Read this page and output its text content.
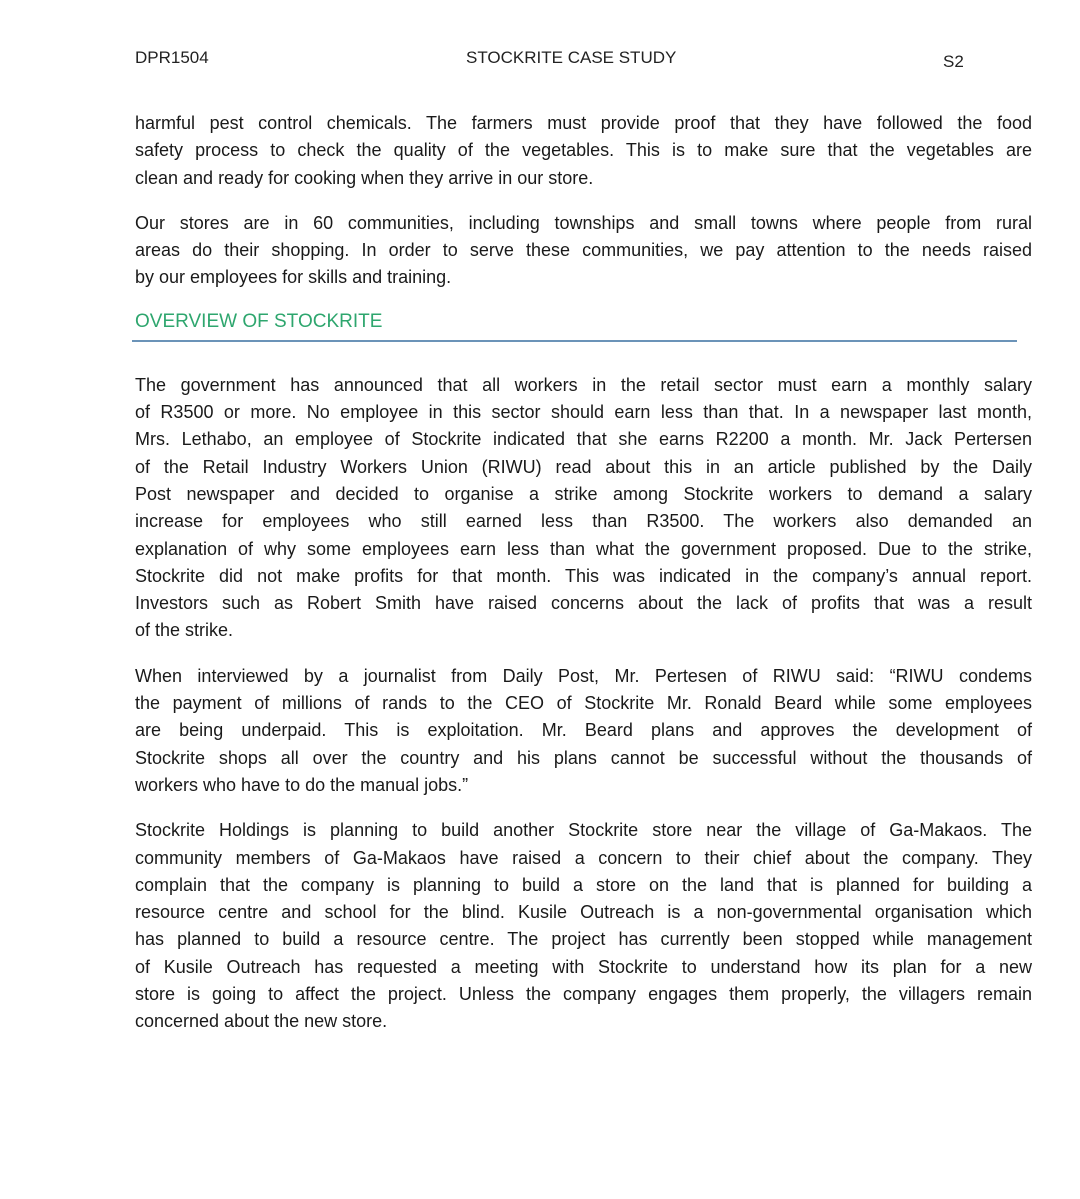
DPR1504	STOCKRITE CASE STUDY	S2
harmful pest control chemicals. The farmers must provide proof that they have followed the food
safety process to check the quality of the vegetables. This is to make sure that the vegetables are
clean and ready for cooking when they arrive in our store.
Our stores are in 60 communities, including townships and small towns where people from rural
areas do their shopping. In order to serve these communities, we pay attention to the needs raised
by our employees for skills and training.
OVERVIEW OF STOCKRITE
The government has announced that all workers in the retail sector must earn a monthly salary
of R3500 or more. No employee in this sector should earn less than that. In a newspaper last month,
Mrs. Lethabo, an employee of Stockrite indicated that she earns R2200 a month. Mr. Jack Pertersen
of the Retail Industry Workers Union (RIWU) read about this in an article published by the Daily
Post newspaper and decided to organise a strike among Stockrite workers to demand a salary
increase for employees who still earned less than R3500. The workers also demanded an
explanation of why some employees earn less than what the government proposed. Due to the strike,
Stockrite did not make profits for that month. This was indicated in the company’s annual report.
Investors such as Robert Smith have raised concerns about the lack of profits that was a result
of the strike.
When interviewed by a journalist from Daily Post, Mr. Pertesen of RIWU said: “RIWU condems
the payment of millions of rands to the CEO of Stockrite Mr. Ronald Beard while some employees
are being underpaid. This is exploitation. Mr. Beard plans and approves the development of
Stockrite shops all over the country and his plans cannot be successful without the thousands of
workers who have to do the manual jobs.”
Stockrite Holdings is planning to build another Stockrite store near the village of Ga-Makaos. The
community members of Ga-Makaos have raised a concern to their chief about the company. They
complain that the company is planning to build a store on the land that is planned for building a
resource centre and school for the blind. Kusile Outreach is a non-governmental organisation which
has planned to build a resource centre. The project has currently been stopped while management
of Kusile Outreach has requested a meeting with Stockrite to understand how its plan for a new
store is going to affect the project. Unless the company engages them properly, the villagers remain
concerned about the new store.
